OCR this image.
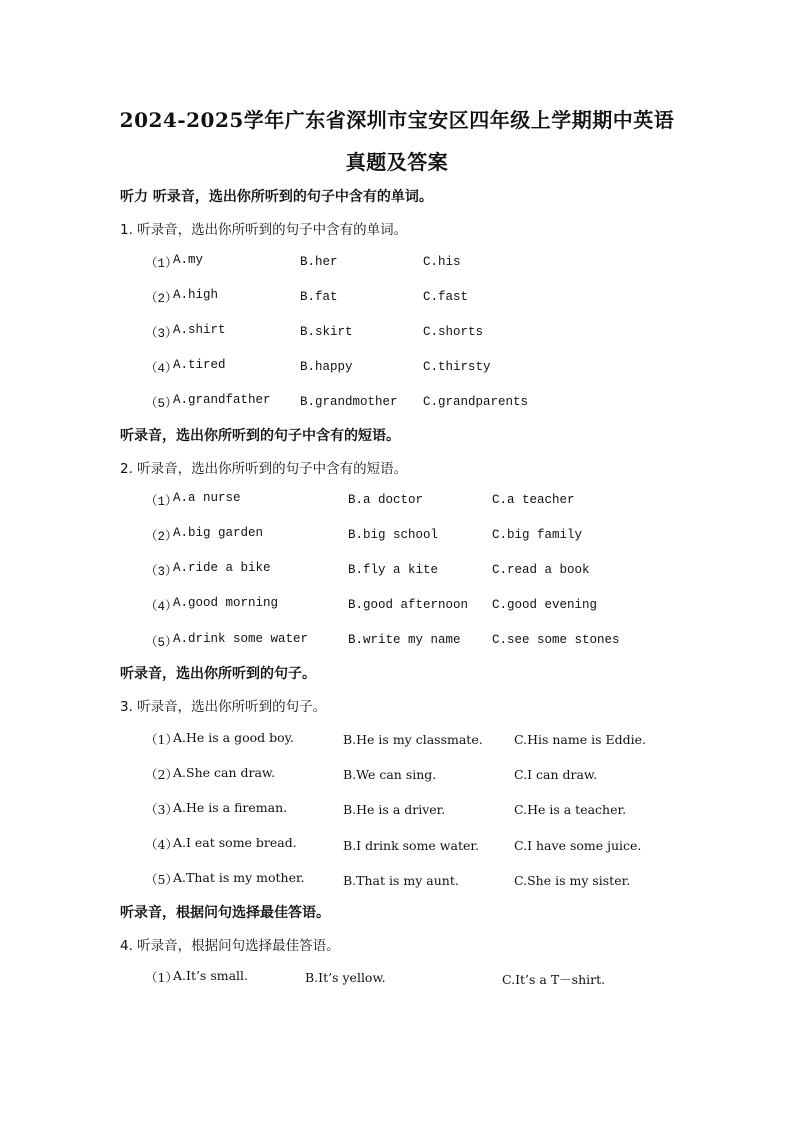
2024-2025学年广东省深圳市宝安区四年级上学期期中英语
真题及答案
听力 听录音，选出你所听到的句子中含有的单词。
1. 听录音，选出你所听到的句子中含有的单词。
（1）
A.my	B.her	C.his
（2）
A.high	B.fat	C.fast
（3）
A.shirt	B.skirt	C.shorts
（4）
A.tired	B.happy	C.thirsty
（5）
A.grandfather B.grandmother C.grandparents
听录音，选出你所听到的句子中含有的短语。
2. 听录音，选出你所听到的句子中含有的短语。
（1）
A.a nurse	B.a doctor	C.a teacher
（2）
A.big garden	B.big school	C.big family
（3）
A.ride a bike	B.fly a kite	C.read a book
（4）
A.good morning	B.good afternoon C.good evening
（5）
A.drink some water	B.write my name	C.see some stones
听录音，选出你所听到的句子。
3. 听录音，选出你所听到的句子。
（1）
A.He is a good boy.	B.He is my classmate.	C.His name is Eddie.
（2）
A.She can draw.	B.We can sing.	C.I can draw.
（3）
A.He is a fireman.	B.He is a driver.	C.He is a teacher.
（4）
A.I eat some bread.	B.I drink some water.	C.I have some juice.
（5）
A.That is my mother.	B.That is my aunt.	C.She is my sister.
听录音，根据问句选择最佳答语。
4. 听录音，根据问句选择最佳答语。
（1）
A.It’s small.	B.It’s yellow.	C.It’s a T－shirt.
